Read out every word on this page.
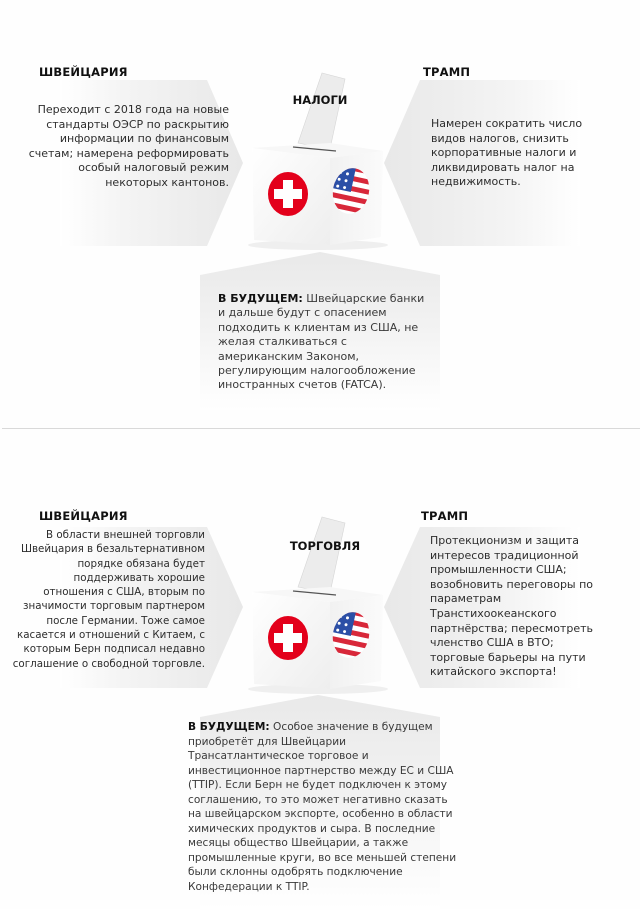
ШВЕЙЦАРИЯ
Переходит с 2018 года на новые стандарты ОЭСР по раскрытию информации по финансовым счетам; намерена реформировать особый налоговый режим некоторых кантонов.
НАЛОГИ
ТРАМП
Намерен сократить число видов налогов, снизить корпоративные налоги и ликвидировать налог на недвижимость.
В БУДУЩЕМ: Швейцарские банки и дальше будут с опасением подходить к клиентам из США, не желая сталкиваться с американским Законом, регулирующим налогообложение иностранных счетов (FATCA).
ШВЕЙЦАРИЯ
В области внешней торговли Швейцария в безальтернативном порядке обязана будет поддерживать хорошие отношения с США, вторым по значимости торговым партнером после Германии. Тоже самое касается и отношений с Китаем, с которым Берн подписал недавно соглашение о свободной торговле.
ТОРГОВЛЯ
ТРАМП
Протекционизм и защита интересов традиционной промышленности США; возобновить переговоры по параметрам Транстихоокеанского партнёрства; пересмотреть членство США в ВТО; торговые барьеры на пути китайского экспорта!
В БУДУЩЕМ: Особое значение в будущем приобретёт для Швейцарии Трансатлантическое торговое и инвестиционное партнерство между ЕС и США (TTIP). Если Берн не будет подключен к этому соглашению, то это может негативно сказать на швейцарском экспорте, особенно в области химических продуктов и сыра. В последние месяцы общество Швейцарии, а также промышленные круги, во все меньшей степени были склонны одобрять подключение Конфедерации к TTIP.
